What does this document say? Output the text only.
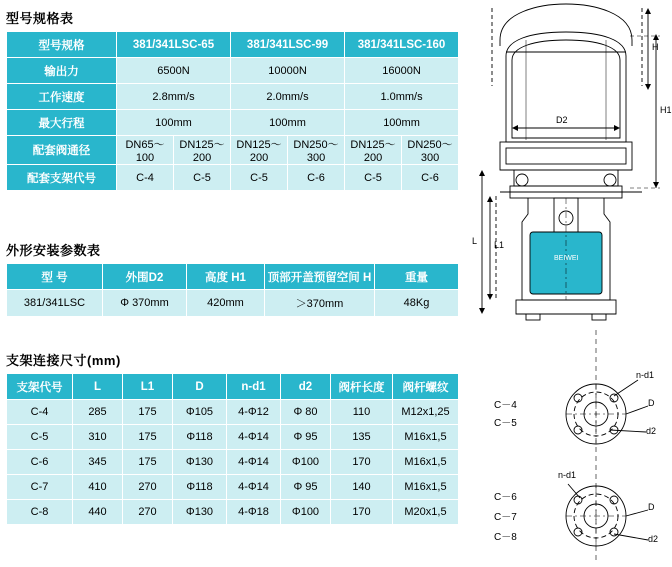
型号规格表
型号规格	381/341LSC-65		381/341LSC-99		381/341LSC-160	
输出力	6500N		10000N		16000N	
工作速度	2.8mm/s		2.0mm/s		1.0mm/s	
最大行程	100mm		100mm		100mm	
配套阀通径	DN65～100	DN125～200	DN125～200	DN250～300	DN125～200	DN250～300
配套支架代号	C-4	C-5	C-5	C-6	C-5	C-6
外形安装参数表
型 号	外围D2	高度 H1	顶部开盖预留空间 H	重量
381/341LSC	Φ 370mm	420mm	＞370mm	48Kg
支架连接尺寸(mm)
支架代号	L	L1	D	n-d1	d2	阀杆长度	阀杆螺纹
C-4	285	175	Φ105	4-Φ12	Φ 80	110	M12x1,25
C-5	310	175	Φ118	4-Φ14	Φ 95	135	M16x1,5
C-6	345	175	Φ130	4-Φ14	Φ100	170	M16x1,5
C-7	410	270	Φ118	4-Φ14	Φ 95	140	M16x1,5
C-8	440	270	Φ130	4-Φ18	Φ100	170	M20x1,5
H
H1
D2
L L1
BEIWEI
n-d1
D
d2
C－4
C－5
n-d1
D
d2
C－6
C－7
C－8
